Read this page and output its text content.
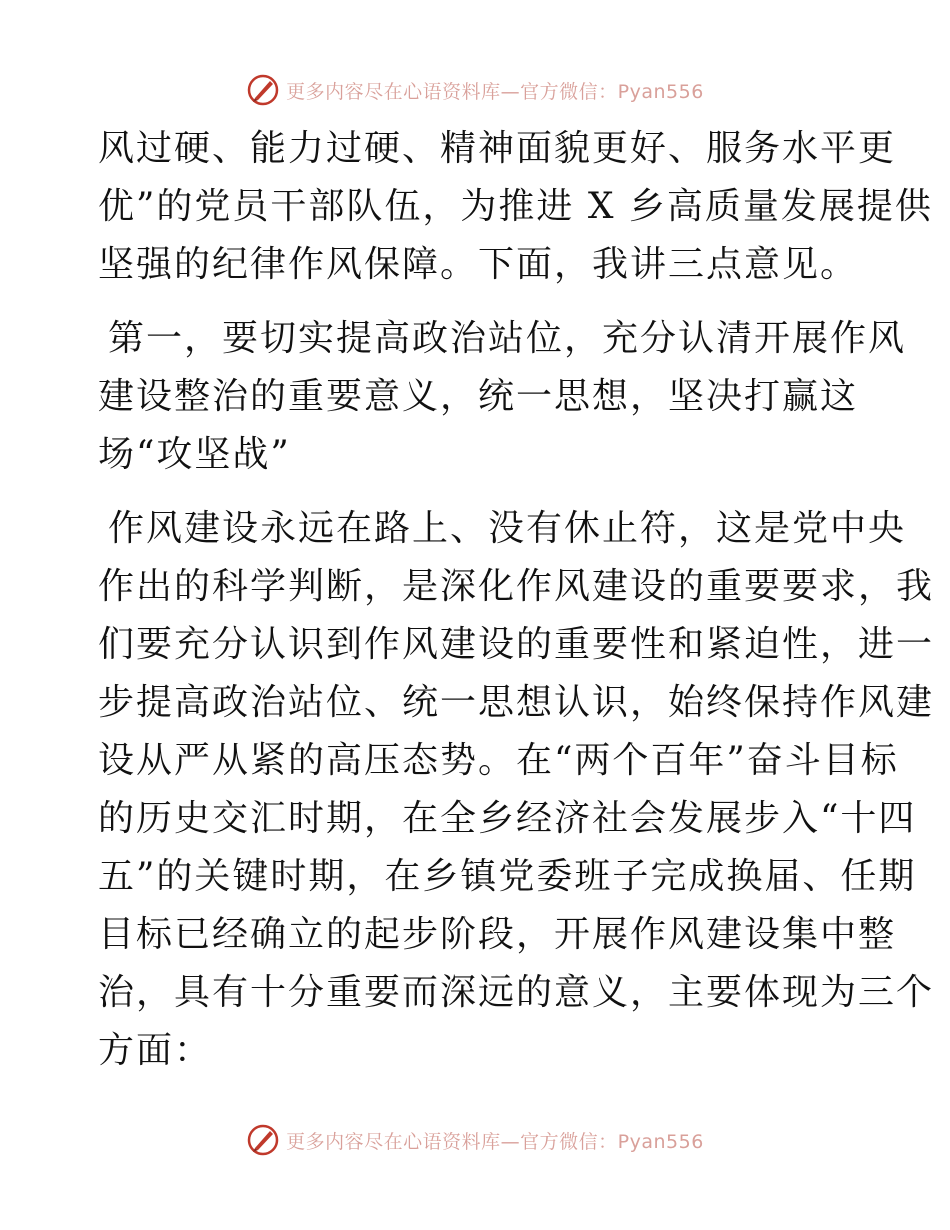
更多内容尽在心语资料库—官方微信：Pyan556
风过硬、能力过硬、精神面貌更好、服务水平更
优”的党员干部队伍，为推进 X 乡高质量发展提供
坚强的纪律作风保障。下面，我讲三点意见。
第一，要切实提高政治站位，充分认清开展作风
建设整治的重要意义，统一思想，坚决打赢这
场“攻坚战”
作风建设永远在路上、没有休止符，这是党中央
作出的科学判断，是深化作风建设的重要要求，我
们要充分认识到作风建设的重要性和紧迫性，进一
步提高政治站位、统一思想认识，始终保持作风建
设从严从紧的高压态势。在“两个百年”奋斗目标
的历史交汇时期，在全乡经济社会发展步入“十四
五”的关键时期，在乡镇党委班子完成换届、任期
目标已经确立的起步阶段，开展作风建设集中整
治，具有十分重要而深远的意义，主要体现为三个
方面：
更多内容尽在心语资料库—官方微信：Pyan556
